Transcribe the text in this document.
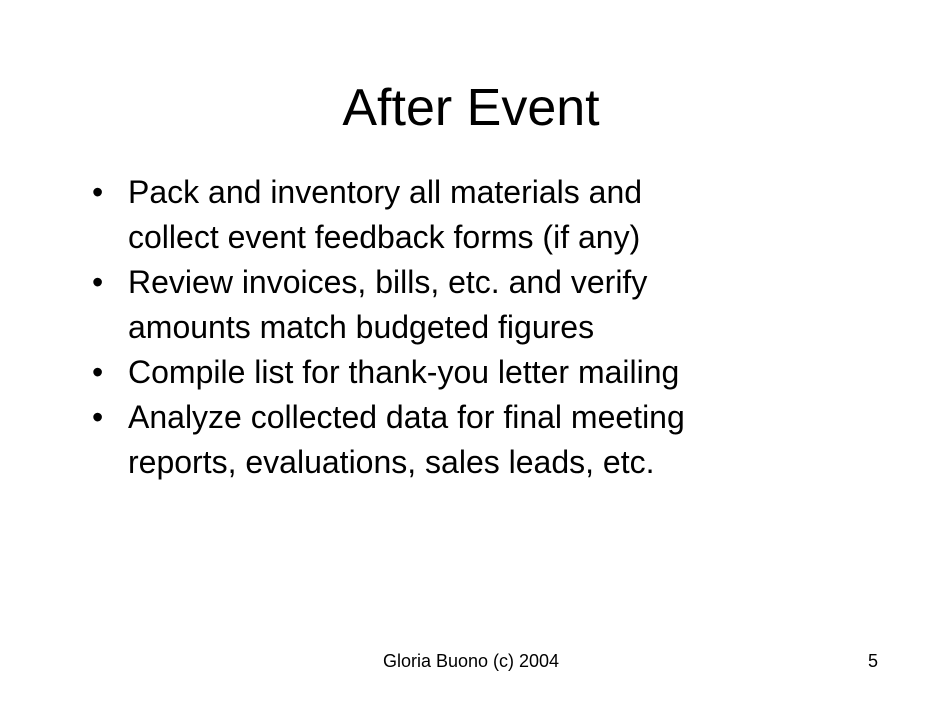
After Event
• Pack and inventory all materials and
collect event feedback forms (if any)
• Review invoices, bills, etc. and verify
amounts match budgeted figures
• Compile list for thank-you letter mailing
• Analyze collected data for final meeting
reports, evaluations, sales leads, etc.
Gloria Buono (c) 2004	5
